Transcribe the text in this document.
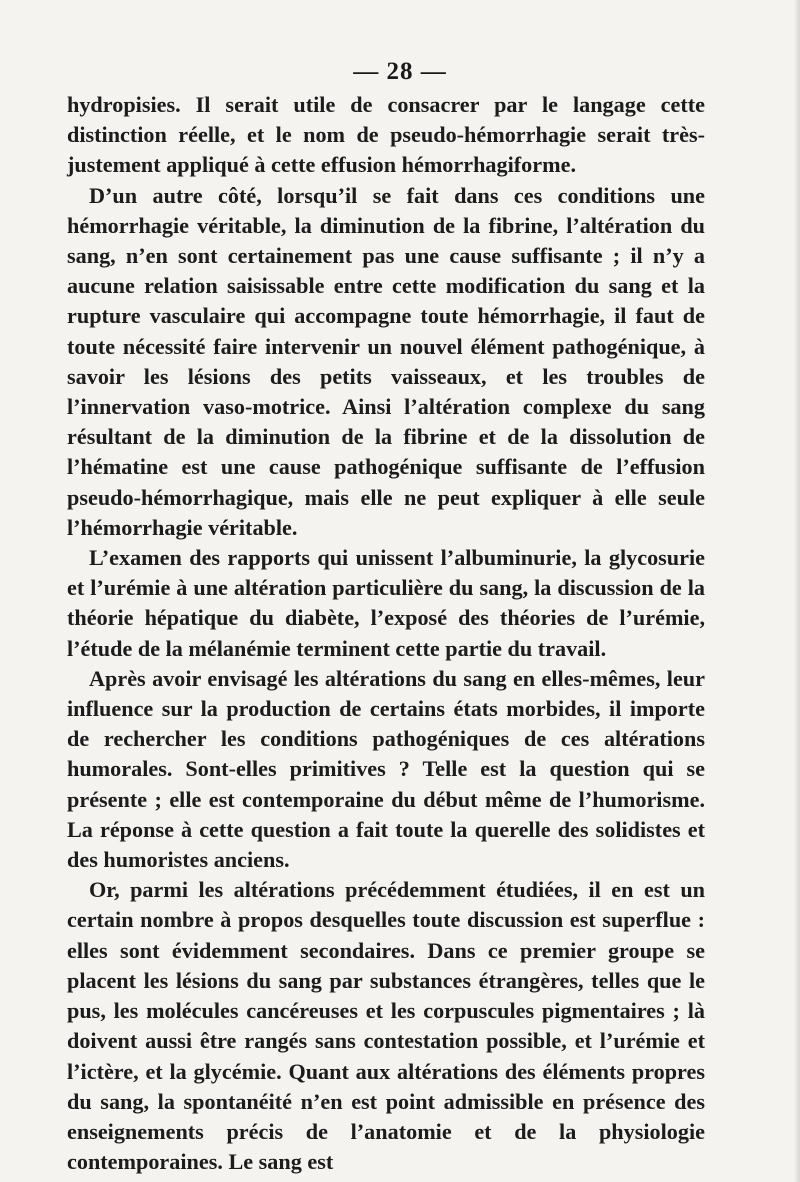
— 28 —

hydropisies. Il serait utile de consacrer par le langage cette distinction réelle, et le nom de pseudo-hémorrhagie serait très-justement appliqué à cette effusion hémorrhagiforme.

D’un autre côté, lorsqu’il se fait dans ces conditions une hémorrhagie véritable, la diminution de la fibrine, l’altération du sang, n’en sont certainement pas une cause suffisante ; il n’y a aucune relation saisissable entre cette modification du sang et la rupture vasculaire qui accompagne toute hémorrhagie, il faut de toute nécessité faire intervenir un nouvel élément pathogénique, à savoir les lésions des petits vaisseaux, et les troubles de l’innervation vaso-motrice. Ainsi l’altération complexe du sang résultant de la diminution de la fibrine et de la dissolution de l’hématine est une cause pathogénique suffisante de l’effusion pseudo-hémorrhagique, mais elle ne peut expliquer à elle seule l’hémorrhagie véritable.

L’examen des rapports qui unissent l’albuminurie, la glycosurie et l’urémie à une altération particulière du sang, la discussion de la théorie hépatique du diabète, l’exposé des théories de l’urémie, l’étude de la mélanémie terminent cette partie du travail.

Après avoir envisagé les altérations du sang en elles-mêmes, leur influence sur la production de certains états morbides, il importe de rechercher les conditions pathogéniques de ces altérations humorales. Sont-elles primitives ? Telle est la question qui se présente ; elle est contemporaine du début même de l’humorisme. La réponse à cette question a fait toute la querelle des solidistes et des humoristes anciens.

Or, parmi les altérations précédemment étudiées, il en est un certain nombre à propos desquelles toute discussion est superflue : elles sont évidemment secondaires. Dans ce premier groupe se placent les lésions du sang par substances étrangères, telles que le pus, les molécules cancéreuses et les corpuscules pigmentaires ; là doivent aussi être rangés sans contestation possible, et l’urémie et l’ictère, et la glycémie. Quant aux altérations des éléments propres du sang, la spontanéité n’en est point admissible en présence des enseignements précis de l’anatomie et de la physiologie contemporaines. Le sang est
